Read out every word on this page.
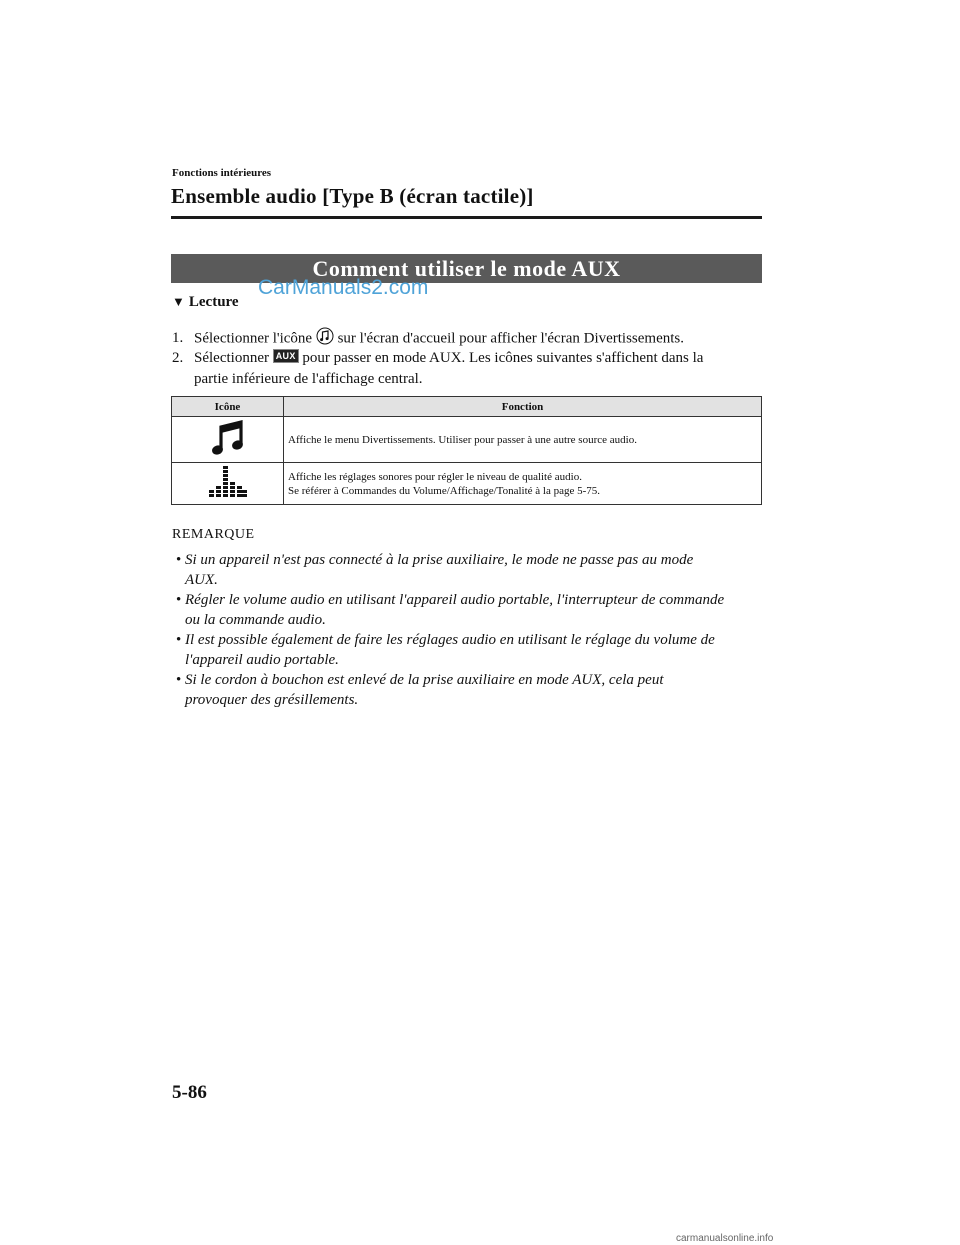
Fonctions intérieures
Ensemble audio [Type B (écran tactile)]
Comment utiliser le mode AUX
CarManuals2.com
▼ Lecture
1. Sélectionner l'icône sur l'écran d'accueil pour afficher l'écran Divertissements.
2. Sélectionner AUX pour passer en mode AUX. Les icônes suivantes s'affichent dans la
partie inférieure de l'affichage central.
Icône	Fonction

Affiche le menu Divertissements. Utiliser pour passer à une autre source audio.

Affiche les réglages sonores pour régler le niveau de qualité audio.
Se référer à Commandes du Volume/Affichage/Tonalité à la page 5-75.
REMARQUE
• Si un appareil n'est pas connecté à la prise auxiliaire, le mode ne passe pas au mode
AUX.
• Régler le volume audio en utilisant l'appareil audio portable, l'interrupteur de commande
ou la commande audio.
• Il est possible également de faire les réglages audio en utilisant le réglage du volume de
l'appareil audio portable.
• Si le cordon à bouchon est enlevé de la prise auxiliaire en mode AUX, cela peut
provoquer des grésillements.
5-86
carmanualsonline.info
